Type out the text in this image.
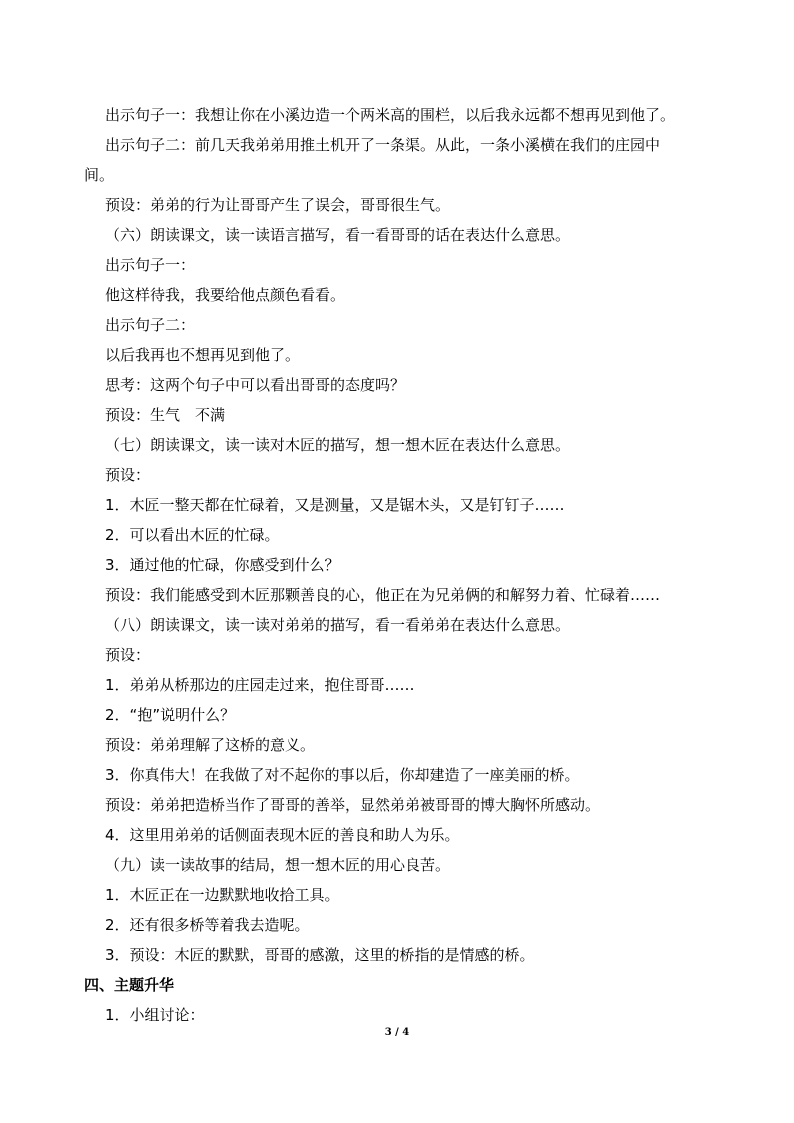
出示句子一：我想让你在小溪边造一个两米高的围栏，以后我永远都不想再见到他了。
出示句子二：前几天我弟弟用推土机开了一条渠。从此，一条小溪横在我们的庄园中
间。
预设：弟弟的行为让哥哥产生了误会，哥哥很生气。
（六）朗读课文，读一读语言描写，看一看哥哥的话在表达什么意思。
出示句子一：
他这样待我，我要给他点颜色看看。
出示句子二：
以后我再也不想再见到他了。
思考：这两个句子中可以看出哥哥的态度吗？
预设：生气　不满
（七）朗读课文，读一读对木匠的描写，想一想木匠在表达什么意思。
预设：
1．木匠一整天都在忙碌着，又是测量，又是锯木头，又是钉钉子……
2．可以看出木匠的忙碌。
3．通过他的忙碌，你感受到什么？
预设：我们能感受到木匠那颗善良的心，他正在为兄弟俩的和解努力着、忙碌着……
（八）朗读课文，读一读对弟弟的描写，看一看弟弟在表达什么意思。
预设：
1．弟弟从桥那边的庄园走过来，抱住哥哥……
2．“抱”说明什么？
预设：弟弟理解了这桥的意义。
3．你真伟大！在我做了对不起你的事以后，你却建造了一座美丽的桥。
预设：弟弟把造桥当作了哥哥的善举，显然弟弟被哥哥的博大胸怀所感动。
4．这里用弟弟的话侧面表现木匠的善良和助人为乐。
（九）读一读故事的结局，想一想木匠的用心良苦。
1．木匠正在一边默默地收拾工具。
2．还有很多桥等着我去造呢。
3．预设：木匠的默默，哥哥的感激，这里的桥指的是情感的桥。
四、主题升华
1．小组讨论：
3 / 4
